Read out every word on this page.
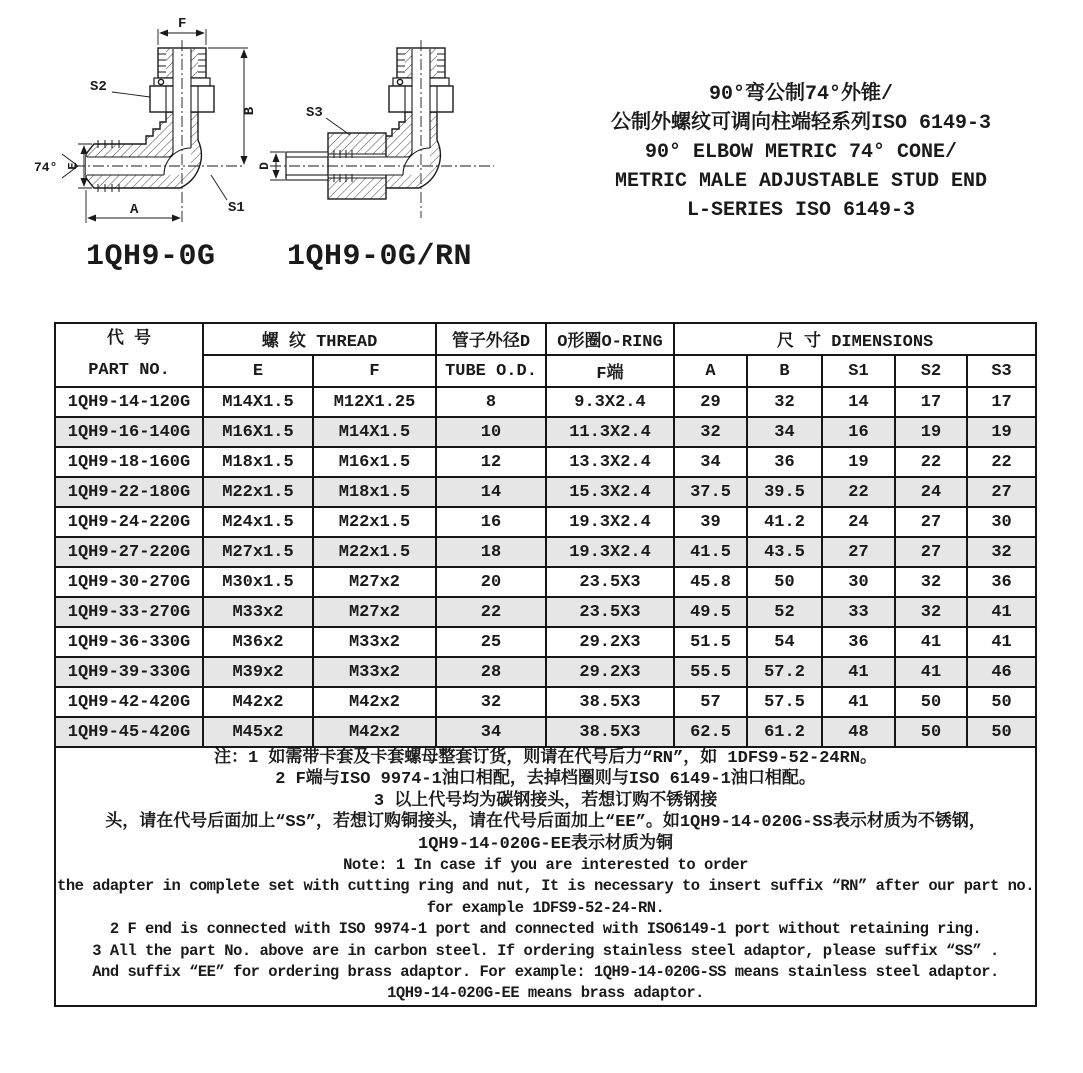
F
B
A
E
74°
S2
S1
D
S3
1QH9-0G 1QH9-0G/RN
90°弯公制74°外锥/
公制外螺纹可调向柱端轻系列ISO 6149-3
90° ELBOW METRIC 74° CONE/
METRIC MALE ADJUSTABLE STUD END
L-SERIES ISO 6149-3
代 号
PART NO.	螺 纹 THREAD		管子外径D	O形圈O-RING	尺 寸 DIMENSIONS				
	E	F	TUBE O.D.	F端	A	B	S1	S2	S3
1QH9-14-120G	M14X1.5	M12X1.25	8	9.3X2.4	29	32	14	17	17
1QH9-16-140G	M16X1.5	M14X1.5	10	11.3X2.4	32	34	16	19	19
1QH9-18-160G	M18x1.5	M16x1.5	12	13.3X2.4	34	36	19	22	22
1QH9-22-180G	M22x1.5	M18x1.5	14	15.3X2.4	37.5	39.5	22	24	27
1QH9-24-220G	M24x1.5	M22x1.5	16	19.3X2.4	39	41.2	24	27	30
1QH9-27-220G	M27x1.5	M22x1.5	18	19.3X2.4	41.5	43.5	27	27	32
1QH9-30-270G	M30x1.5	M27x2	20	23.5X3	45.8	50	30	32	36
1QH9-33-270G	M33x2	M27x2	22	23.5X3	49.5	52	33	32	41
1QH9-36-330G	M36x2	M33x2	25	29.2X3	51.5	54	36	41	41
1QH9-39-330G	M39x2	M33x2	28	29.2X3	55.5	57.2	41	41	46
1QH9-42-420G	M42x2	M42x2	32	38.5X3	57	57.5	41	50	50
1QH9-45-420G	M45x2	M42x2	34	38.5X3	62.5	61.2	48	50	50

注：1 如需带卡套及卡套螺母整套订货，则请在代号后力“RN”，如 1DFS9-52-24RN。
2 F端与ISO 9974-1油口相配，去掉档圈则与ISO 6149-1油口相配。
3 以上代号均为碳钢接头，若想订购不锈钢接
头，请在代号后面加上“SS”，若想订购铜接头，请在代号后面加上“EE”。如1QH9-14-020G-SS表示材质为不锈钢，
1QH9-14-020G-EE表示材质为铜
Note: 1 In case if you are interested to order
the adapter in complete set with cutting ring and nut, It is necessary to insert suffix “RN” after our part no.
for example 1DFS9-52-24-RN.
2 F end is connected with ISO 9974-1 port and connected with ISO6149-1 port without retaining ring.
3 All the part No. above are in carbon steel. If ordering stainless steel adaptor, please suffix “SS” .
And suffix “EE” for ordering brass adaptor. For example: 1QH9-14-020G-SS means stainless steel adaptor.
1QH9-14-020G-EE means brass adaptor.
